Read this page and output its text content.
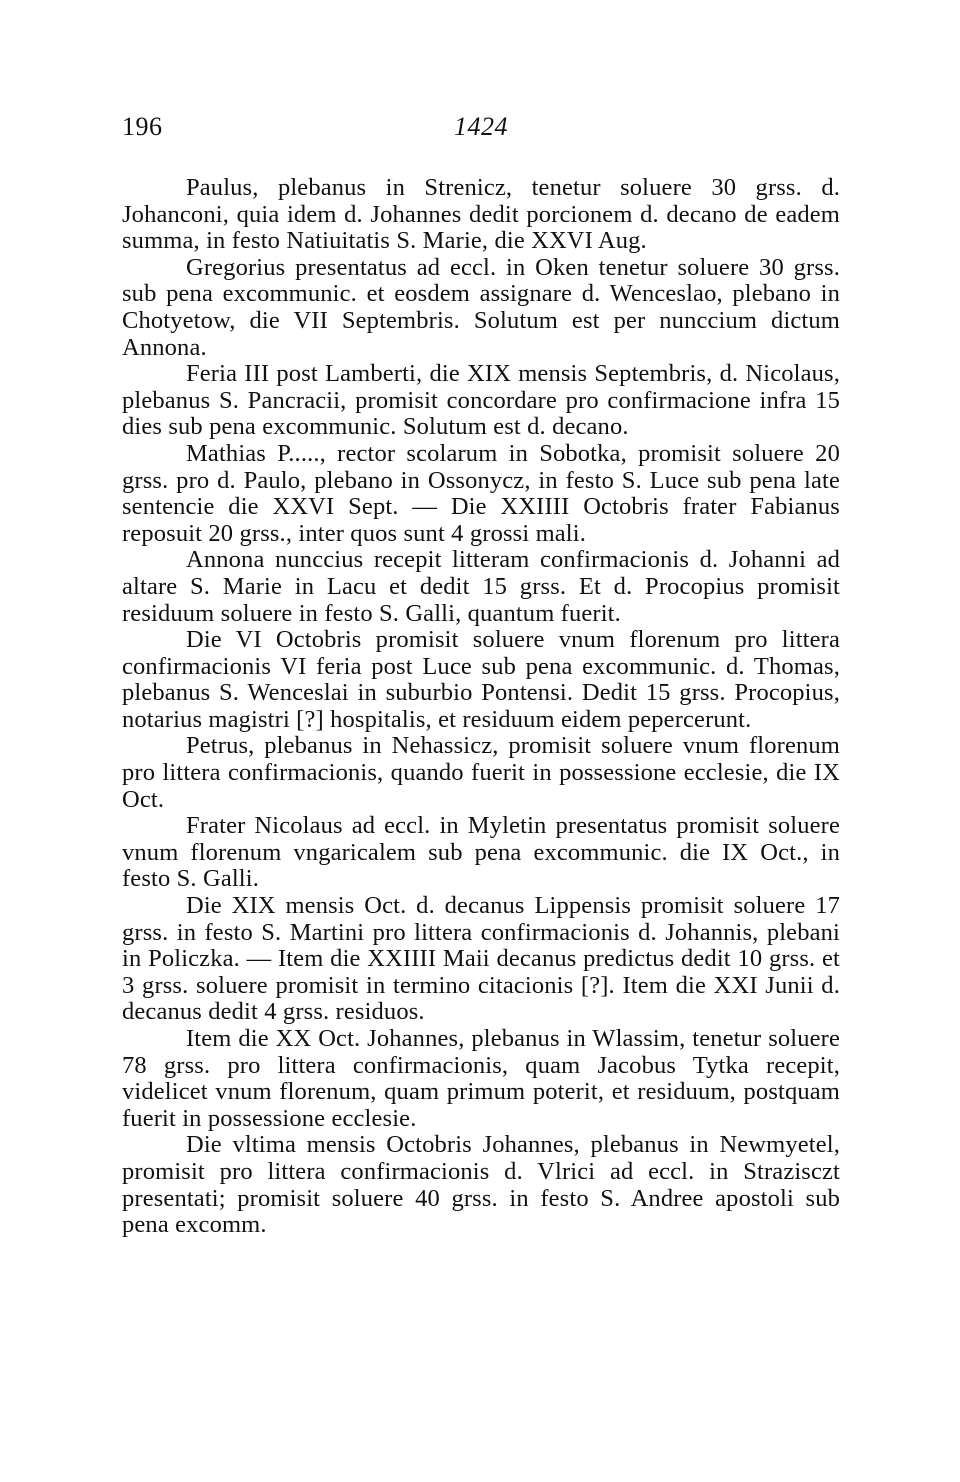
196	1424

Paulus, plebanus in Strenicz, tenetur soluere 30 grss. d. Johanconi, quia idem d. Johannes dedit porcionem d. decano de eadem summa, in festo Natiuitatis S. Marie, die XXVI Aug.

Gregorius presentatus ad eccl. in Oken tenetur soluere 30 grss. sub pena excommunic. et eosdem assignare d. Wenceslao, plebano in Chotyetow, die VII Septembris. Solutum est per nunccium dictum Annona.

Feria III post Lamberti, die XIX mensis Septembris, d. Nicolaus, plebanus S. Pancracii, promisit concordare pro confirmacione infra 15 dies sub pena excommunic. Solutum est d. decano.

Mathias P....., rector scolarum in Sobotka, promisit soluere 20 grss. pro d. Paulo, plebano in Ossonycz, in festo S. Luce sub pena late sentencie die XXVI Sept. — Die XXIIII Octobris frater Fabianus reposuit 20 grss., inter quos sunt 4 grossi mali.

Annona nunccius recepit litteram confirmacionis d. Johanni ad altare S. Marie in Lacu et dedit 15 grss. Et d. Procopius promisit residuum soluere in festo S. Galli, quantum fuerit.

Die VI Octobris promisit soluere vnum florenum pro littera confirmacionis VI feria post Luce sub pena excommunic. d. Thomas, plebanus S. Wenceslai in suburbio Pontensi. Dedit 15 grss. Procopius, notarius magistri [?] hospitalis, et residuum eidem pepercerunt.

Petrus, plebanus in Nehassicz, promisit soluere vnum florenum pro littera confirmacionis, quando fuerit in possessione ecclesie, die IX Oct.

Frater Nicolaus ad eccl. in Myletin presentatus promisit soluere vnum florenum vngaricalem sub pena excommunic. die IX Oct., in festo S. Galli.

Die XIX mensis Oct. d. decanus Lippensis promisit soluere 17 grss. in festo S. Martini pro littera confirmacionis d. Johannis, plebani in Policzka. — Item die XXIIII Maii decanus predictus dedit 10 grss. et 3 grss. soluere promisit in termino citacionis [?]. Item die XXI Junii d. decanus dedit 4 grss. residuos.

Item die XX Oct. Johannes, plebanus in Wlassim, tenetur soluere 78 grss. pro littera confirmacionis, quam Jacobus Tytka recepit, videlicet vnum florenum, quam primum poterit, et residuum, postquam fuerit in possessione ecclesie.

Die vltima mensis Octobris Johannes, plebanus in Newmyetel, promisit pro littera confirmacionis d. Vlrici ad eccl. in Strazisczt presentati; promisit soluere 40 grss. in festo S. Andree apostoli sub pena excomm.
